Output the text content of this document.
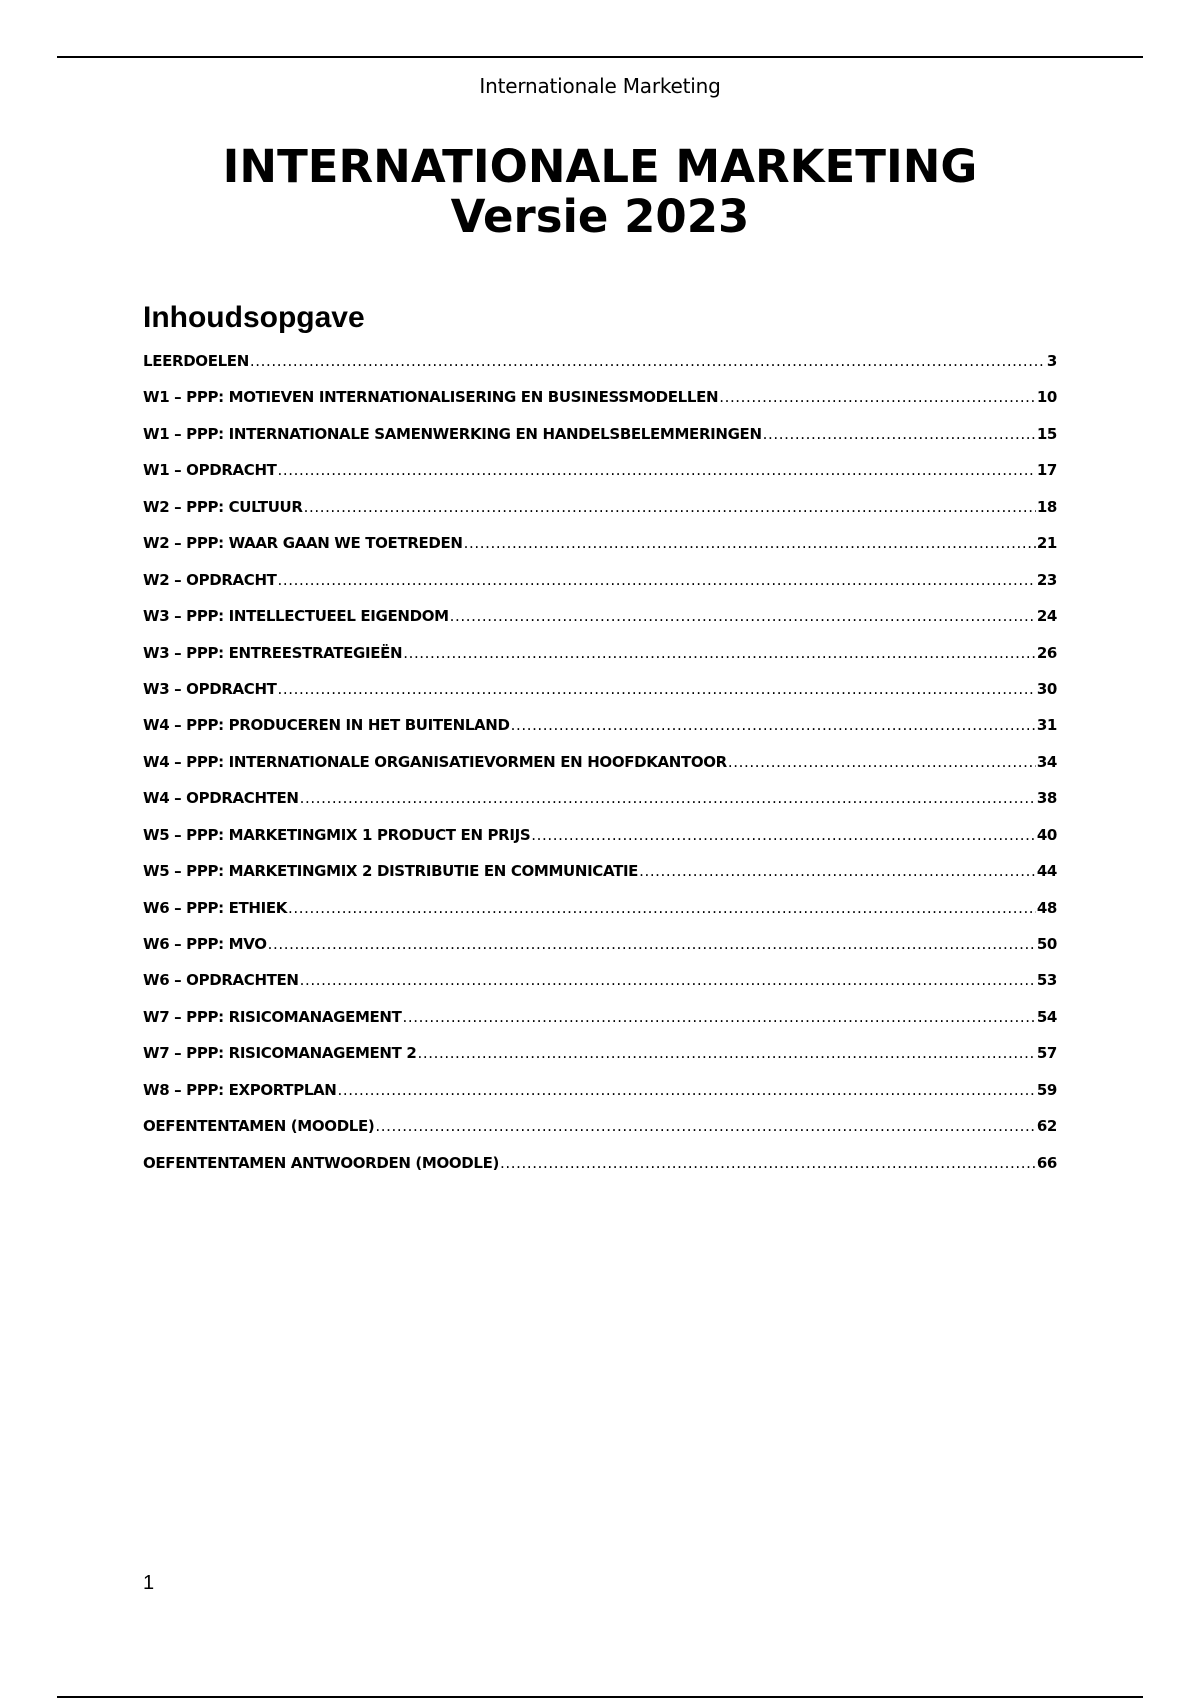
Internationale Marketing
INTERNATIONALE MARKETING
Versie 2023
Inhoudsopgave
LEERDOELEN .....	3
W1 – PPP: MOTIEVEN INTERNATIONALISERING EN BUSINESSMODELLEN .....	10
W1 – PPP: INTERNATIONALE SAMENWERKING EN HANDELSBELEMMERINGEN .....	15
W1 – OPDRACHT .....	17
W2 – PPP: CULTUUR .....	18
W2 – PPP: WAAR GAAN WE TOETREDEN .....	21
W2 – OPDRACHT .....	23
W3 – PPP: INTELLECTUEEL EIGENDOM .....	24
W3 – PPP: ENTREESTRATEGIEËN .....	26
W3 – OPDRACHT .....	30
W4 – PPP: PRODUCEREN IN HET BUITENLAND .....	31
W4 – PPP: INTERNATIONALE ORGANISATIEVORMEN EN HOOFDKANTOOR .....	34
W4 – OPDRACHTEN .....	38
W5 – PPP: MARKETINGMIX 1 PRODUCT EN PRIJS .....	40
W5 – PPP: MARKETINGMIX 2 DISTRIBUTIE EN COMMUNICATIE .....	44
W6 – PPP: ETHIEK .....	48
W6 – PPP: MVO .....	50
W6 – OPDRACHTEN .....	53
W7 – PPP: RISICOMANAGEMENT .....	54
W7 – PPP: RISICOMANAGEMENT 2 .....	57
W8 – PPP: EXPORTPLAN .....	59
OEFENTENTAMEN (MOODLE) .....	62
OEFENTENTAMEN ANTWOORDEN (MOODLE) .....	66
1
